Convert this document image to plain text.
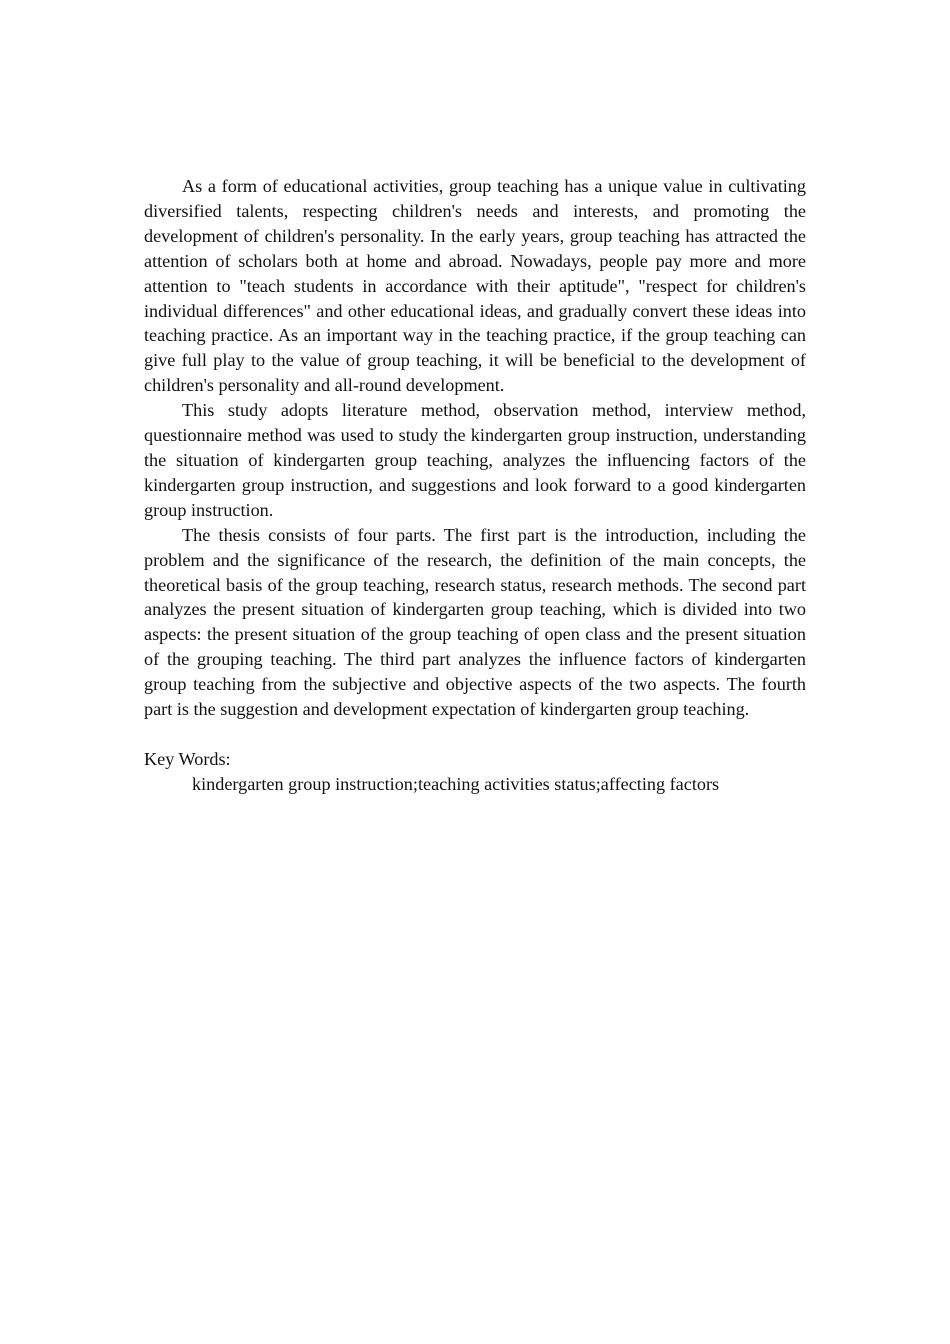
As a form of educational activities, group teaching has a unique value in cultivating diversified talents, respecting children's needs and interests, and promoting the development of children's personality. In the early years, group teaching has attracted the attention of scholars both at home and abroad. Nowadays, people pay more and more attention to "teach students in accordance with their aptitude", "respect for children's individual differences" and other educational ideas, and gradually convert these ideas into teaching practice. As an important way in the teaching practice, if the group teaching can give full play to the value of group teaching, it will be beneficial to the development of children's personality and all-round development.

This study adopts literature method, observation method, interview method, questionnaire method was used to study the kindergarten group instruction, understanding the situation of kindergarten group teaching, analyzes the influencing factors of the kindergarten group instruction, and suggestions and look forward to a good kindergarten group instruction.

The thesis consists of four parts. The first part is the introduction, including the problem and the significance of the research, the definition of the main concepts, the theoretical basis of the group teaching, research status, research methods. The second part analyzes the present situation of kindergarten group teaching, which is divided into two aspects: the present situation of the group teaching of open class and the present situation of the grouping teaching. The third part analyzes the influence factors of kindergarten group teaching from the subjective and objective aspects of the two aspects. The fourth part is the suggestion and development expectation of kindergarten group teaching.

Key Words:

kindergarten group instruction;teaching activities status;affecting factors
